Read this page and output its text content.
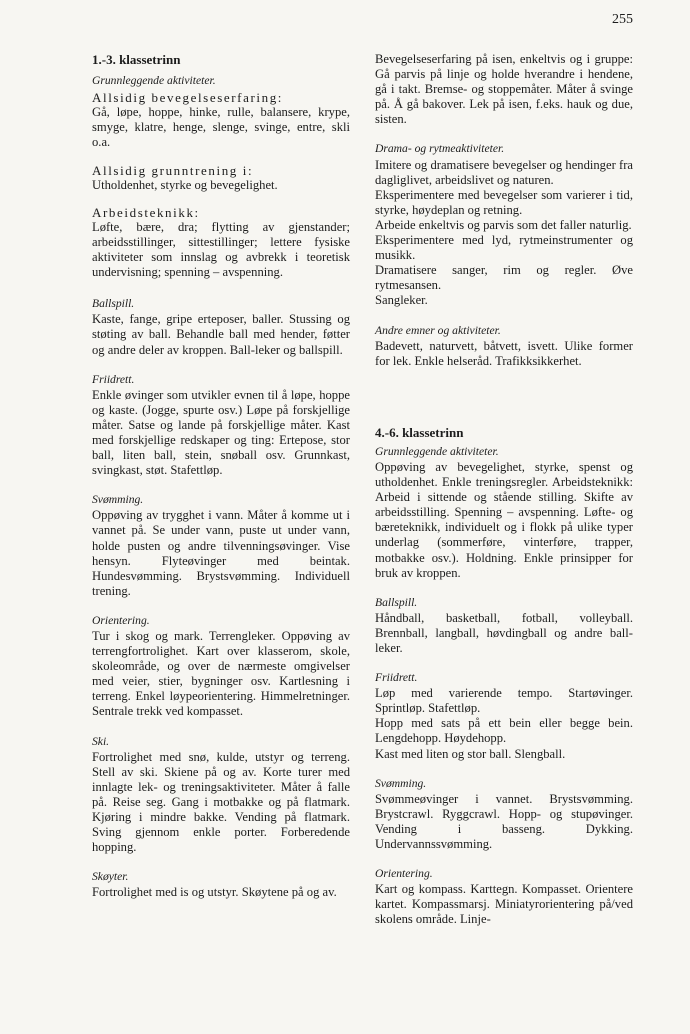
255
1.-3. klassetrinn
Grunnleggende aktiviteter.

Allsidig bevegelseserfaring:

Gå, løpe, hoppe, hinke, rulle, balansere, krype, smyge, klatre, henge, slenge, svinge, entre, skli o.a.

Allsidig grunntrening i:

Utholdenhet, styrke og bevegelighet.

Arbeidsteknikk:

Løfte, bære, dra; flytting av gjenstander; arbeidsstillinger, sittestillinger; lettere fysiske aktiviteter som innslag og avbrekk i teoretisk undervisning; spenning – avspenning.

Ballspill.

Kaste, fange, gripe erteposer, baller. Stussing og støting av ball. Behandle ball med hender, føtter og andre deler av kroppen. Ball-leker og ballspill.

Friidrett.

Enkle øvinger som utvikler evnen til å løpe, hoppe og kaste. (Jogge, spurte osv.) Løpe på forskjellige måter. Satse og lande på forskjellige måter. Kast med forskjellige redskaper og ting: Erteposе, stor ball, liten ball, stein, snøball osv. Grunnkast, svingkast, støt. Stafettløp.

Svømming.

Oppøving av trygghet i vann. Måter å komme ut i vannet på. Se under vann, puste ut under vann, holde pusten og andre tilvenningsøvinger. Vise hensyn. Flyteøvinger med beintak. Hundesvømming. Brystsvømming. Individuell trening.

Orientering.

Tur i skog og mark. Terrengleker. Oppøving av terrengfortrolighet. Kart over klasserom, skole, skoleområde, og over de nærmeste omgivelser med veier, stier, bygninger osv. Kartlesning i terreng. Enkel løypeorientering. Himmelretninger. Sentrale trekk ved kompasset.

Ski.

Fortrolighet med snø, kulde, utstyr og terreng. Stell av ski. Skiene på og av. Korte turer med innlagte lek- og treningsaktiviteter. Måter å falle på. Reise seg. Gang i motbakke og på flatmark. Kjøring i mindre bakke. Vending på flatmark. Sving gjennom enkle porter. Forberedende hopping.

Skøyter.

Fortrolighet med is og utstyr. Skøytene på og av.

Bevegelseserfaring på isen, enkeltvis og i gruppe: Gå parvis på linje og holde hverandre i hendene, gå i takt. Bremse- og stoppemåter. Måter å svinge på. Å gå bakover. Lek på isen, f.eks. hauk og due, sisten.

Drama- og rytmeaktiviteter.

Imitere og dramatisere bevegelser og hendinger fra dagliglivet, arbeidslivet og naturen.

Eksperimentere med bevegelser som varierer i tid, styrke, høydeplan og retning.

Arbeide enkeltvis og parvis som det faller naturlig.

Eksperimentere med lyd, rytmeinstrumenter og musikk.

Dramatisere sanger, rim og regler. Øve rytmesansen.

Sangleker.

Andre emner og aktiviteter.

Badevett, naturvett, båtvett, isvett. Ulike former for lek. Enkle helseråd. Trafikksikkerhet.

4.-6. klassetrinn

Grunnleggende aktiviteter.

Oppøving av bevegelighet, styrke, spenst og utholdenhet. Enkle treningsregler. Arbeidsteknikk: Arbeid i sittende og stående stilling. Skifte av arbeidsstilling. Spenning – avspenning. Løfte- og bæreteknikk, individuelt og i flokk på ulike typer underlag (sommerføre, vinterføre, trapper, motbakke osv.). Holdning. Enkle prinsipper for bruk av kroppen.

Ballspill.

Håndball, basketball, fotball, volleyball. Brennball, langball, høvdingball og andre ball-leker.

Friidrett.

Løp med varierende tempo. Startøvinger. Sprintløp. Stafettløp.

Hopp med sats på ett bein eller begge bein. Lengdehopp. Høydehopp.

Kast med liten og stor ball. Slengball.

Svømming.

Svømmeøvinger i vannet. Brystsvømming. Brystcrawl. Ryggcrawl. Hopp- og stupøvinger. Vending i basseng. Dykking. Undervannssvømming.

Orientering.

Kart og kompass. Karttegn. Kompasset. Orientere kartet. Kompassmarsj. Miniatyrorientering på/ved skolens område. Linje-
